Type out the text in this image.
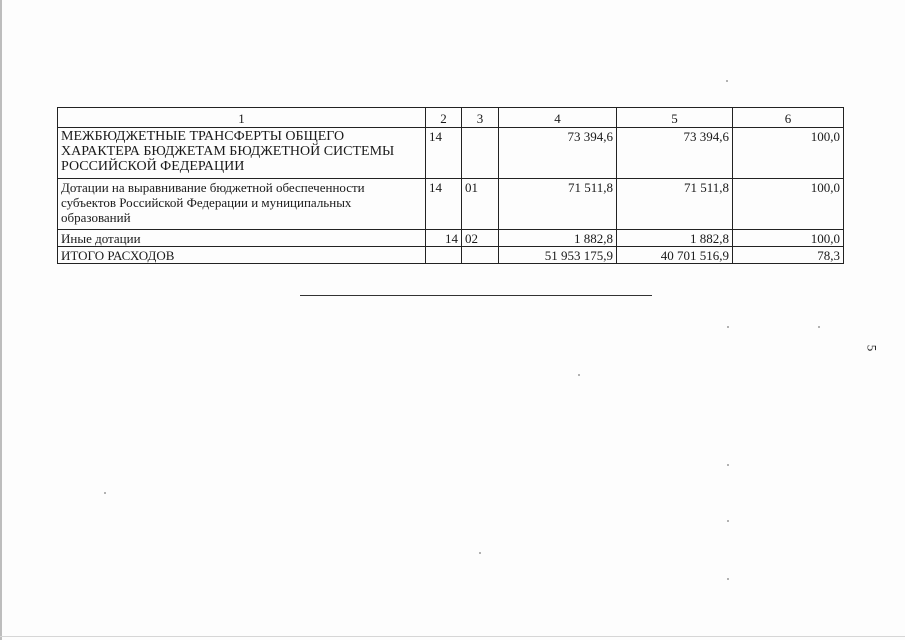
1	2	3	4	5	6
МЕЖБЮДЖЕТНЫЕ ТРАНСФЕРТЫ ОБЩЕГО ХАРАКТЕРА БЮДЖЕТАМ БЮДЖЕТНОЙ СИСТЕМЫ РОССИЙСКОЙ ФЕДЕРАЦИИ	14		73 394,6	73 394,6	100,0
Дотации на выравнивание бюджетной обеспеченности субъектов Российской Федерации и муниципальных образований	14	01	71 511,8	71 511,8	100,0
Иные дотации	14	02	1 882,8	1 882,8	100,0
ИТОГО РАСХОДОВ			51 953 175,9	40 701 516,9	78,3
5
